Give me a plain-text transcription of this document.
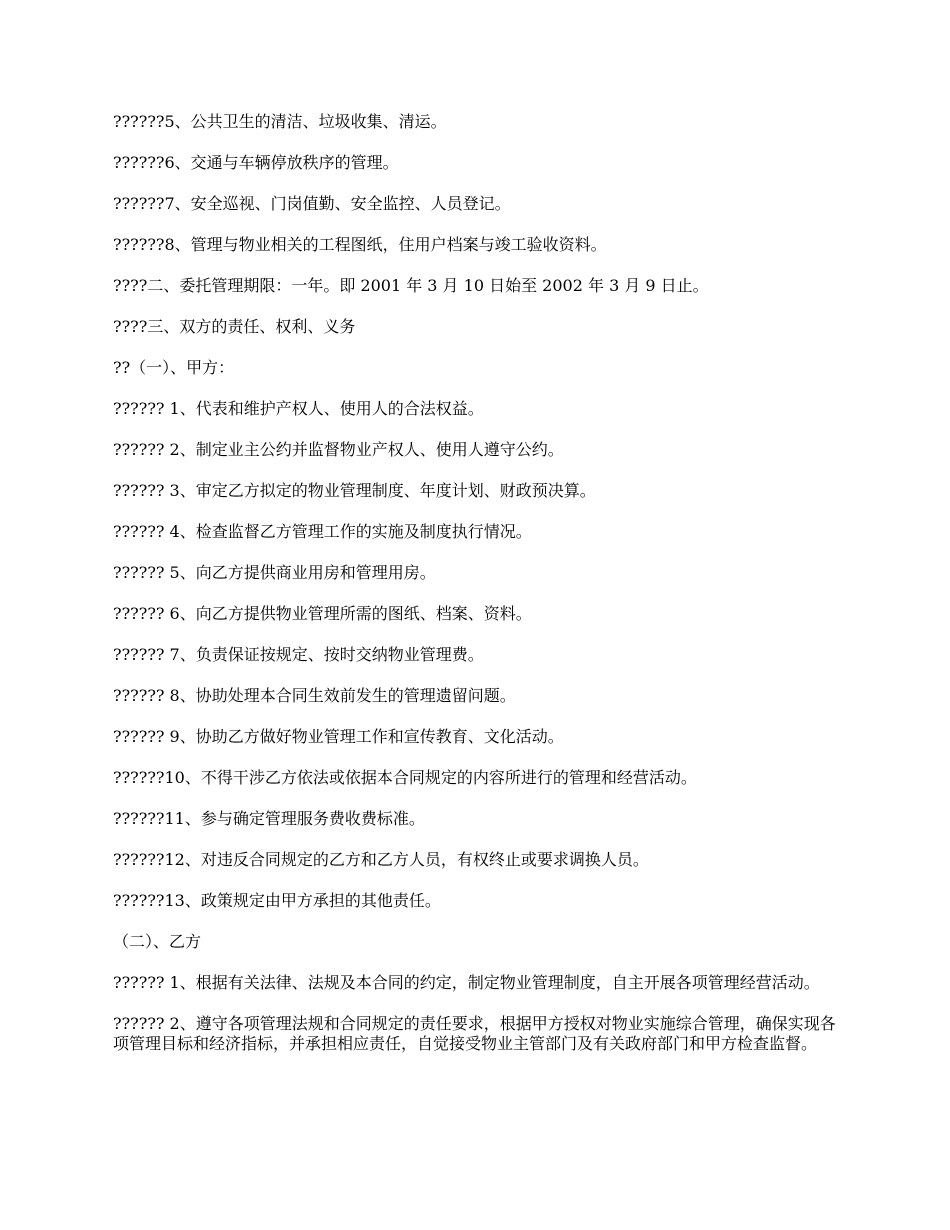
??????5、公共卫生的清洁、垃圾收集、清运。

??????6、交通与车辆停放秩序的管理。

??????7、安全巡视、门岗值勤、安全监控、人员登记。

??????8、管理与物业相关的工程图纸，住用户档案与竣工验收资料。

????二、委托管理期限：一年。即 2001 年 3 月 10 日始至 2002 年 3 月 9 日止。

????三、双方的责任、权利、义务

??（一）、甲方：

?????? 1、代表和维护产权人、使用人的合法权益。

?????? 2、制定业主公约并监督物业产权人、使用人遵守公约。

?????? 3、审定乙方拟定的物业管理制度、年度计划、财政预决算。

?????? 4、检查监督乙方管理工作的实施及制度执行情况。

?????? 5、向乙方提供商业用房和管理用房。

?????? 6、向乙方提供物业管理所需的图纸、档案、资料。

?????? 7、负责保证按规定、按时交纳物业管理费。

?????? 8、协助处理本合同生效前发生的管理遗留问题。

?????? 9、协助乙方做好物业管理工作和宣传教育、文化活动。

??????10、不得干涉乙方依法或依据本合同规定的内容所进行的管理和经营活动。

??????11、参与确定管理服务费收费标准。

??????12、对违反合同规定的乙方和乙方人员，有权终止或要求调换人员。

??????13、政策规定由甲方承担的其他责任。

（二）、乙方

?????? 1、根据有关法律、法规及本合同的约定，制定物业管理制度，自主开展各项管理经营活动。

?????? 2、遵守各项管理法规和合同规定的责任要求，根据甲方授权对物业实施综合管理，确保实现各项管理目标和经济指标，并承担相应责任，自觉接受物业主管部门及有关政府部门和甲方检查监督。
